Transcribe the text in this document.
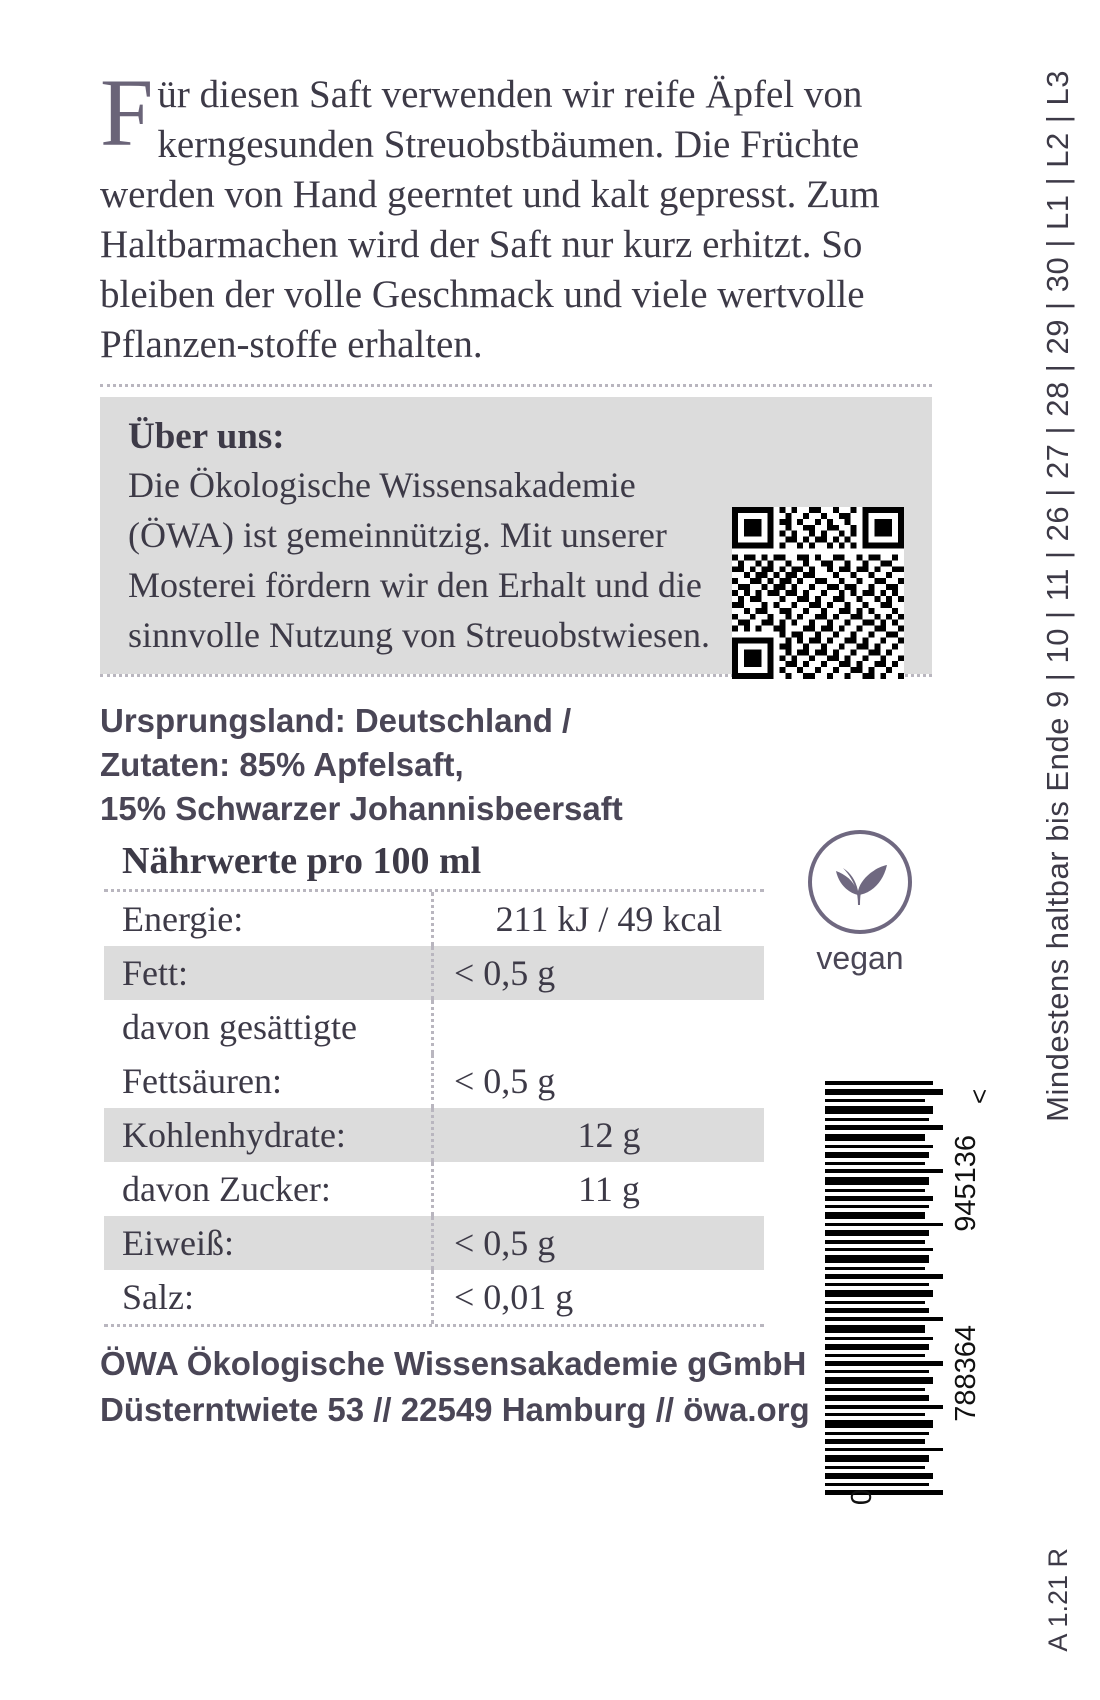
Für diesen Saft verwenden wir reife Äpfel von kerngesunden Streuobstbäumen. Die Früchte werden von Hand geerntet und kalt gepresst. Zum Haltbarmachen wird der Saft nur kurz erhitzt. So bleiben der volle Geschmack und viele wertvolle Pflanzen-stoffe erhalten.
Über uns:

Die Ökologische Wissensakademie (ÖWA) ist gemeinnützig. Mit unserer Mosterei fördern wir den Erhalt und die sinnvolle Nutzung von Streuobstwiesen.

Ursprungsland: Deutschland /
Zutaten: 85% Apfelsaft,
15% Schwarzer Johannisbeersaft
Nährwerte pro 100 ml
Energie:	211 kJ / 49 kcal
Fett:	< 0,5 g
davon gesättigte	
Fettsäuren:	< 0,5 g
Kohlenhydrate:	12 g
davon Zucker:	11 g
Eiweiß:	< 0,5 g
Salz:	< 0,01 g
ÖWA Ökologische Wissensakademie gGmbH
Düsterntwiete 53 // 22549 Hamburg // öwa.org
vegan
>
945136
788364
0
Mindestens haltbar bis Ende 9 | 10 | 11 | 26 | 27 | 28 | 29 | 30 | L1 | L2 | L3
A 1.21 R
